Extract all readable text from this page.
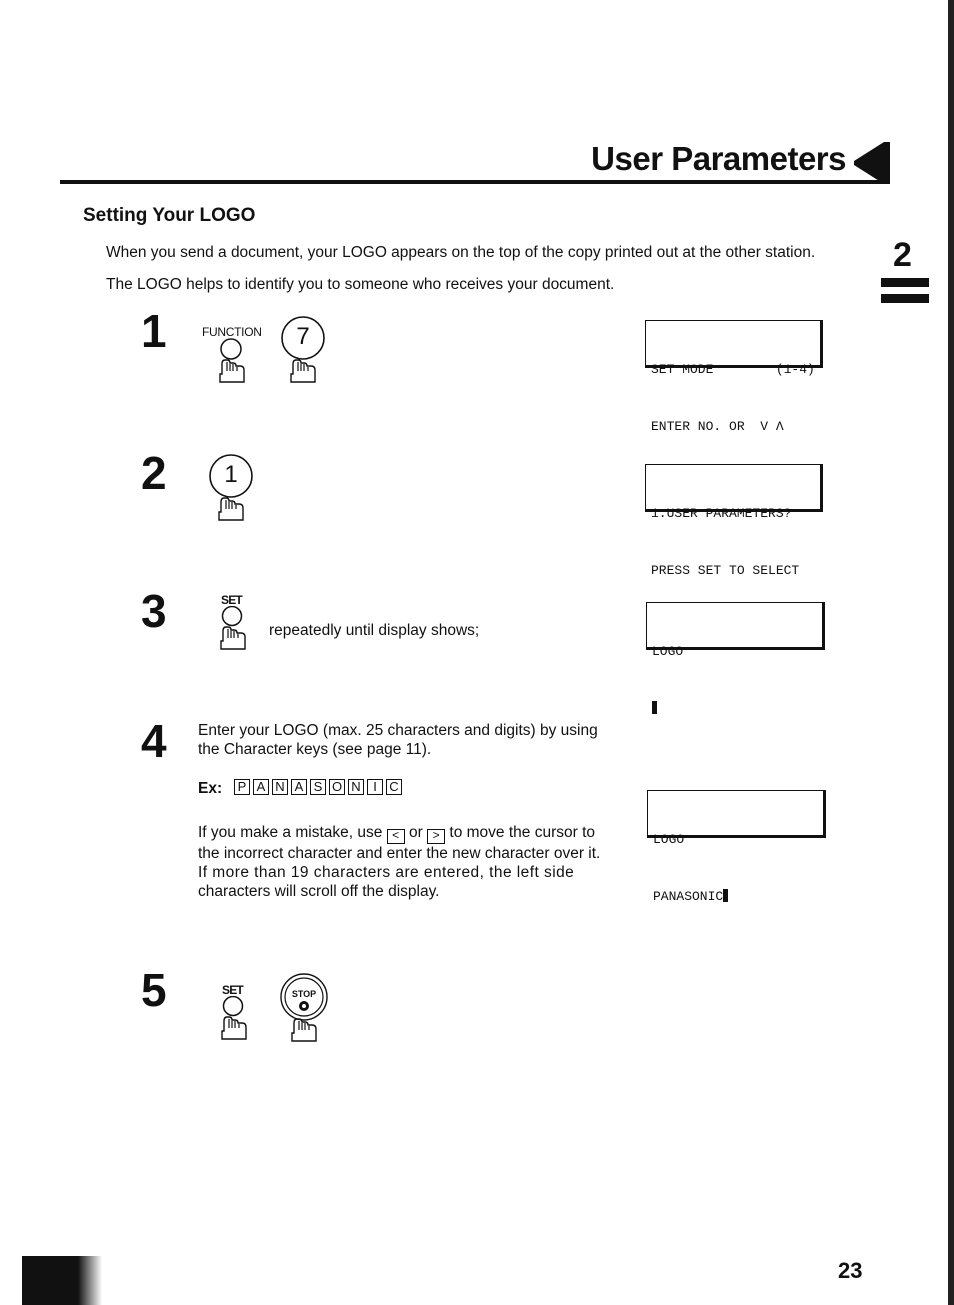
User Parameters
2
Setting Your LOGO
When you send a document, your LOGO appears on the top of the copy printed out at the other station.
The LOGO helps to identify you to someone who receives your document.
1	FUNCTION 7

SET MODE        (1-4)

ENTER NO. OR  V Λ

2 1

1:USER PARAMETERS?

PRESS SET TO SELECT

3	SET
repeatedly until display shows;

LOGO

4 Enter your LOGO (max. 25 characters and digits) by using
the Character keys (see page 11).
Ex: P A N A S O N I C
If you make a mistake, use < or > to move the cursor to
the incorrect character and enter the new character over it.
If more than 19 characters are entered, the left side
characters will scroll off the display.

LOGO

PANASONIC

5	SET	STOP
23
